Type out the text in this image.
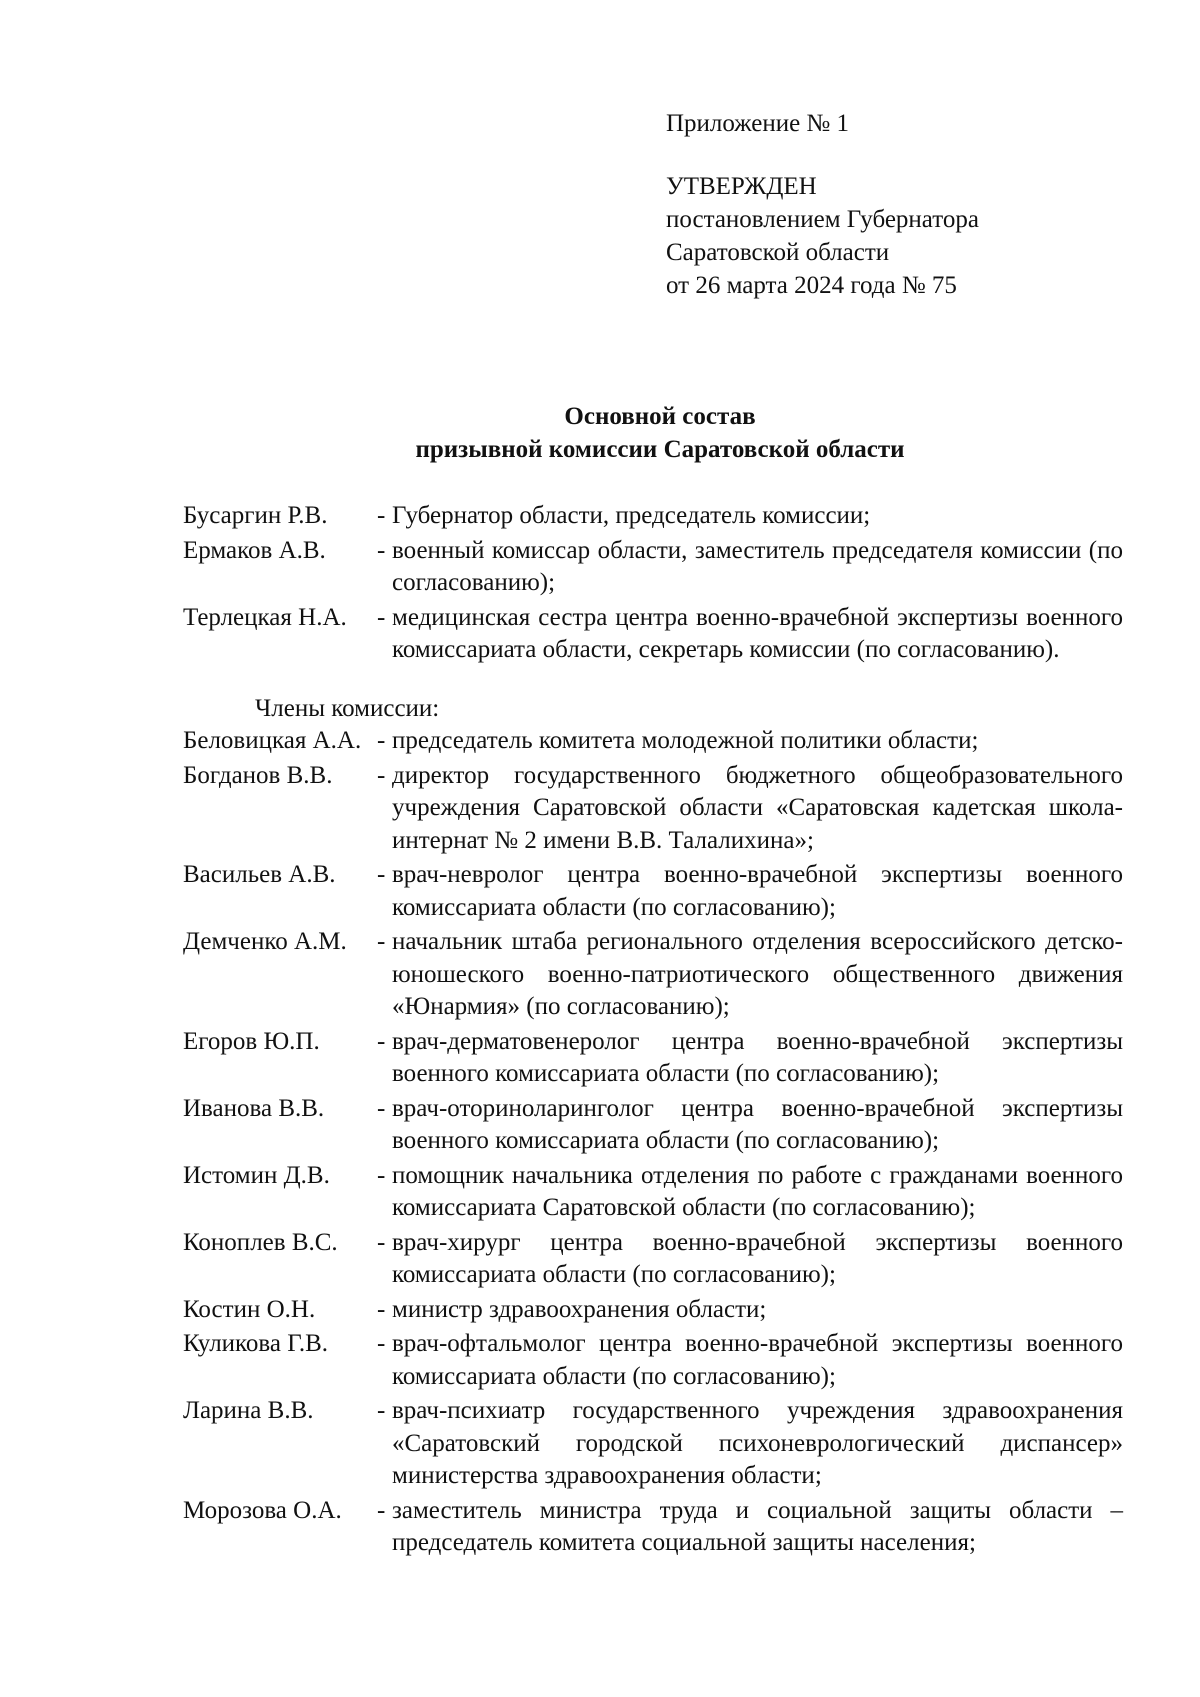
Приложение № 1
УТВЕРЖДЕН
постановлением Губернатора
Саратовской области
от 26 марта 2024 года № 75
Основной состав
призывной комиссии Саратовской области
Бусаргин Р.В.	- Губернатор области, председатель комиссии;
Ермаков А.В.	- военный комиссар области, заместитель председателя комиссии (по согласованию);
Терлецкая Н.А.	- медицинская сестра центра военно-врачебной экспертизы военного комиссариата области, секретарь комиссии (по согласованию).
Члены комиссии:
Беловицкая А.А. - председатель комитета молодежной политики области;
Богданов В.В.	- директор государственного бюджетного общеобразовательного учреждения Саратовской области «Саратовская кадетская школа-интернат № 2 имени В.В. Талалихина»;
Васильев А.В.	- врач-невролог центра военно-врачебной экспертизы военного комиссариата области (по согласованию);
Демченко А.М.	- начальник штаба регионального отделения всероссийского детско-юношеского военно-патриотического общественного движения «Юнармия» (по согласованию);
Егоров Ю.П.	- врач-дерматовенеролог центра военно-врачебной экспертизы военного комиссариата области (по согласованию);
Иванова В.В.	- врач-оториноларинголог центра военно-врачебной экспертизы военного комиссариата области (по согласованию);
Истомин Д.В.	- помощник начальника отделения по работе с гражданами военного комиссариата Саратовской области (по согласованию);
Коноплев В.С.	- врач-хирург центра военно-врачебной экспертизы военного комиссариата области (по согласованию);
Костин О.Н.	- министр здравоохранения области;
Куликова Г.В.	- врач-офтальмолог центра военно-врачебной экспертизы военного комиссариата области (по согласованию);
Ларина В.В.	- врач-психиатр государственного учреждения здравоохранения «Саратовский городской психоневрологический диспансер» министерства здравоохранения области;
Морозова О.А.	- заместитель министра труда и социальной защиты области – председатель комитета социальной защиты населения;
